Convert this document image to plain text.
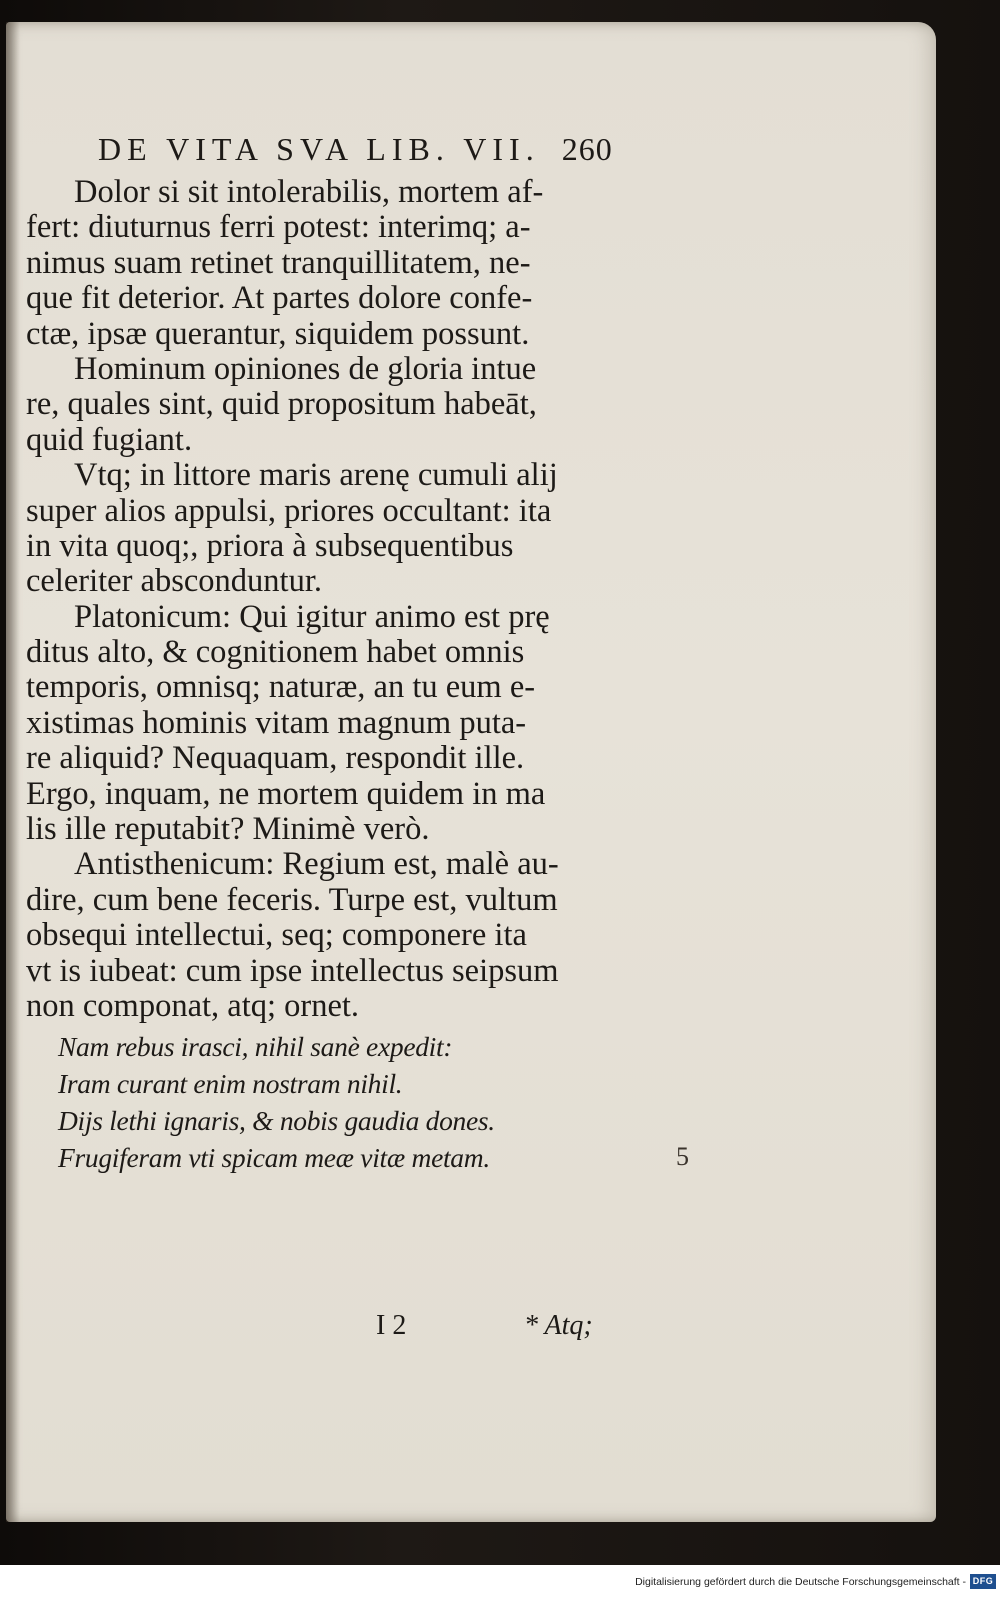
DE VITA SVA LIB. VII. 260
Dolor si sit intolerabilis, mortem af-
fert: diuturnus ferri potest: interimq; a-
nimus suam retinet tranquillitatem, ne-
que fit deterior. At partes dolore confe-
ctæ, ipsæ querantur, siquidem possunt.
Hominum opiniones de gloria intue
re, quales sint, quid propositum habeāt,
quid fugiant.
Vtq; in littore maris arenę cumuli alij
super alios appulsi, priores occultant: ita
in vita quoq;, priora à subsequentibus
celeriter absconduntur.
Platonicum: Qui igitur animo est prę
ditus alto, & cognitionem habet omnis
temporis, omnisq; naturæ, an tu eum e-
xistimas hominis vitam magnum puta-
re aliquid? Nequaquam, respondit ille.
Ergo, inquam, ne mortem quidem in ma
lis ille reputabit? Minimè verò.
Antisthenicum: Regium est, malè au-
dire, cum bene feceris. Turpe est, vultum
obsequi intellectui, seq; componere ita
vt is iubeat: cum ipse intellectus seipsum
non componat, atq; ornet.
Nam rebus irasci, nihil sanè expedit:
Iram curant enim nostram nihil.
Dijs lethi ignaris, & nobis gaudia dones.
Frugiferam vti spicam meæ vitæ metam.
I 2	* Atq;
5
Digitalisierung gefördert durch die Deutsche Forschungsgemeinschaft - DFG
